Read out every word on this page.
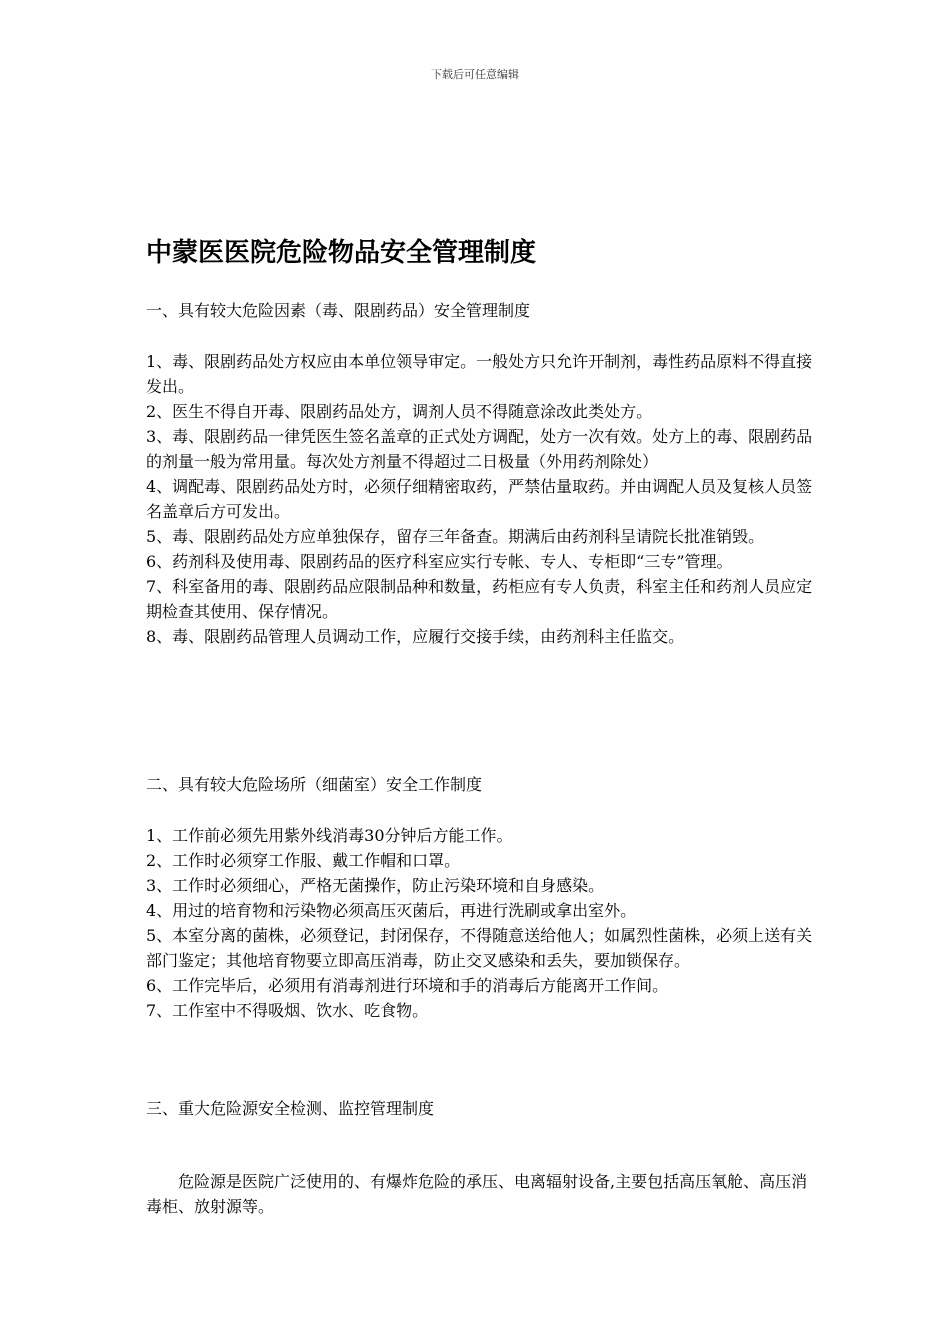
下载后可任意编辑
中蒙医医院危险物品安全管理制度

一、具有较大危险因素（毒、限剧药品）安全管理制度

1、毒、限剧药品处方权应由本单位领导审定。一般处方只允许开制剂，毒性药品原料不得直接发出。

2、医生不得自开毒、限剧药品处方，调剂人员不得随意涂改此类处方。

3、毒、限剧药品一律凭医生签名盖章的正式处方调配，处方一次有效。处方上的毒、限剧药品的剂量一般为常用量。每次处方剂量不得超过二日极量（外用药剂除处）

4、调配毒、限剧药品处方时，必须仔细精密取药，严禁估量取药。并由调配人员及复核人员签名盖章后方可发出。

5、毒、限剧药品处方应单独保存，留存三年备查。期满后由药剂科呈请院长批准销毁。

6、药剂科及使用毒、限剧药品的医疗科室应实行专帐、专人、专柜即“三专”管理。

7、科室备用的毒、限剧药品应限制品种和数量，药柜应有专人负责，科室主任和药剂人员应定期检查其使用、保存情况。

8、毒、限剧药品管理人员调动工作，应履行交接手续，由药剂科主任监交。

二、具有较大危险场所（细菌室）安全工作制度

1、工作前必须先用紫外线消毒30分钟后方能工作。

2、工作时必须穿工作服、戴工作帽和口罩。

3、工作时必须细心，严格无菌操作，防止污染环境和自身感染。

4、用过的培育物和污染物必须高压灭菌后，再进行洗刷或拿出室外。

5、本室分离的菌株，必须登记，封闭保存，不得随意送给他人；如属烈性菌株，必须上送有关部门鉴定；其他培育物要立即高压消毒，防止交叉感染和丢失，要加锁保存。

6、工作完毕后，必须用有消毒剂进行环境和手的消毒后方能离开工作间。

7、工作室中不得吸烟、饮水、吃食物。

三、重大危险源安全检测、监控管理制度

危险源是医院广泛使用的、有爆炸危险的承压、电离辐射设备,主要包括高压氧舱、高压消毒柜、放射源等。
